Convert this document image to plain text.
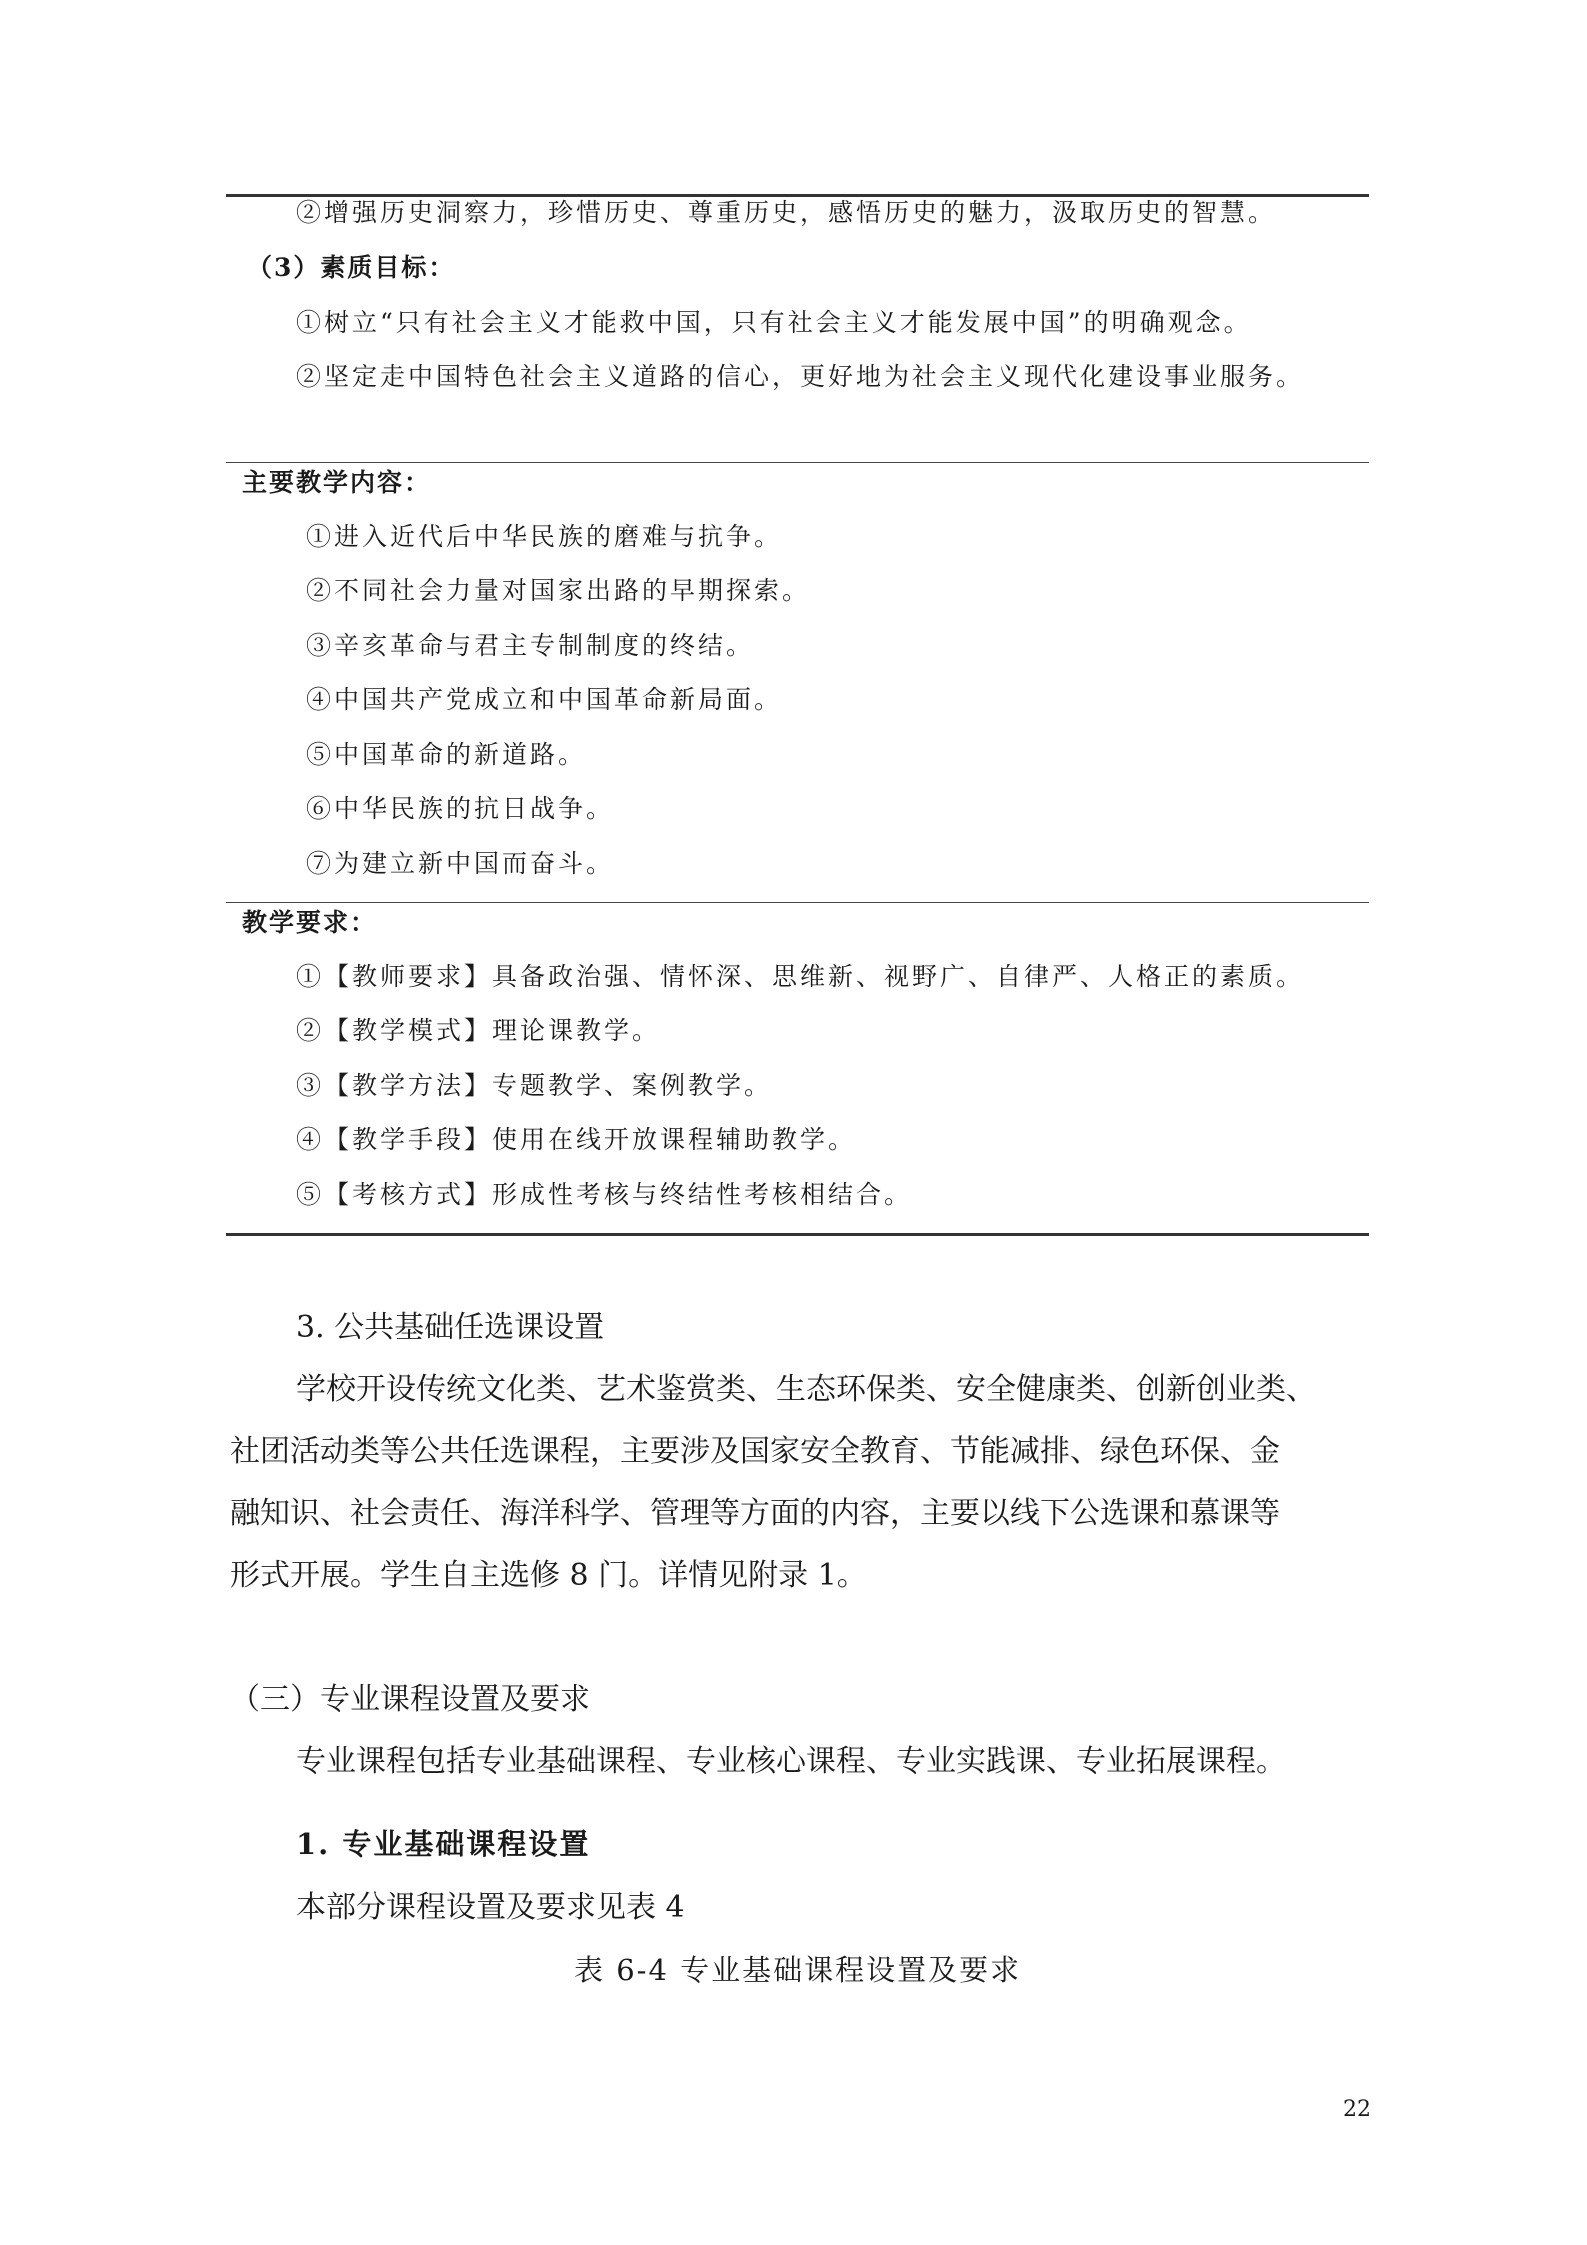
②增强历史洞察力，珍惜历史、尊重历史，感悟历史的魅力，汲取历史的智慧。
（3）素质目标：
①树立“只有社会主义才能救中国，只有社会主义才能发展中国”的明确观念。
②坚定走中国特色社会主义道路的信心，更好地为社会主义现代化建设事业服务。
主要教学内容：
①进入近代后中华民族的磨难与抗争。
②不同社会力量对国家出路的早期探索。
③辛亥革命与君主专制制度的终结。
④中国共产党成立和中国革命新局面。
⑤中国革命的新道路。
⑥中华民族的抗日战争。
⑦为建立新中国而奋斗。
教学要求：
①【教师要求】具备政治强、情怀深、思维新、视野广、自律严、人格正的素质。
②【教学模式】理论课教学。
③【教学方法】专题教学、案例教学。
④【教学手段】使用在线开放课程辅助教学。
⑤【考核方式】形成性考核与终结性考核相结合。
3. 公共基础任选课设置
学校开设传统文化类、艺术鉴赏类、生态环保类、安全健康类、创新创业类、
社团活动类等公共任选课程，主要涉及国家安全教育、节能减排、绿色环保、金
融知识、社会责任、海洋科学、管理等方面的内容，主要以线下公选课和慕课等
形式开展。学生自主选修 8 门。详情见附录 1。
（三）专业课程设置及要求
专业课程包括专业基础课程、专业核心课程、专业实践课、专业拓展课程。
1. 专业基础课程设置
本部分课程设置及要求见表 4
表 6-4 专业基础课程设置及要求
22
